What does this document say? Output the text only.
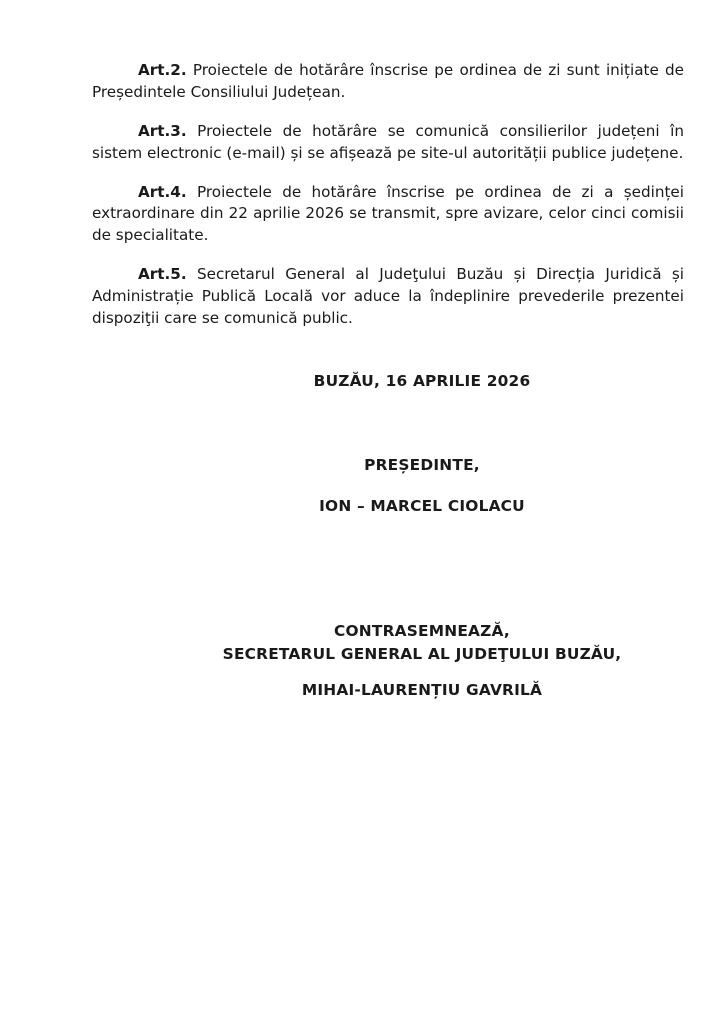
Art.2. Proiectele de hotărâre înscrise pe ordinea de zi sunt inițiate de Președintele Consiliului Județean.

Art.3. Proiectele de hotărâre se comunică consilierilor județeni în sistem electronic (e-mail) și se afișează pe site-ul autorității publice județene.

Art.4. Proiectele de hotărâre înscrise pe ordinea de zi a ședinței extraordinare din 22 aprilie 2026 se transmit, spre avizare, celor cinci comisii de specialitate.

Art.5. Secretarul General al Judeţului Buzău și Direcția Juridică și Administrație Publică Locală vor aduce la îndeplinire prevederile prezentei dispoziţii care se comunică public.

BUZĂU, 16 APRILIE 2026
PREȘEDINTE,
ION – MARCEL CIOLACU
CONTRASEMNEAZĂ,
SECRETARUL GENERAL AL JUDEŢULUI BUZĂU,
MIHAI-LAURENȚIU GAVRILĂ
